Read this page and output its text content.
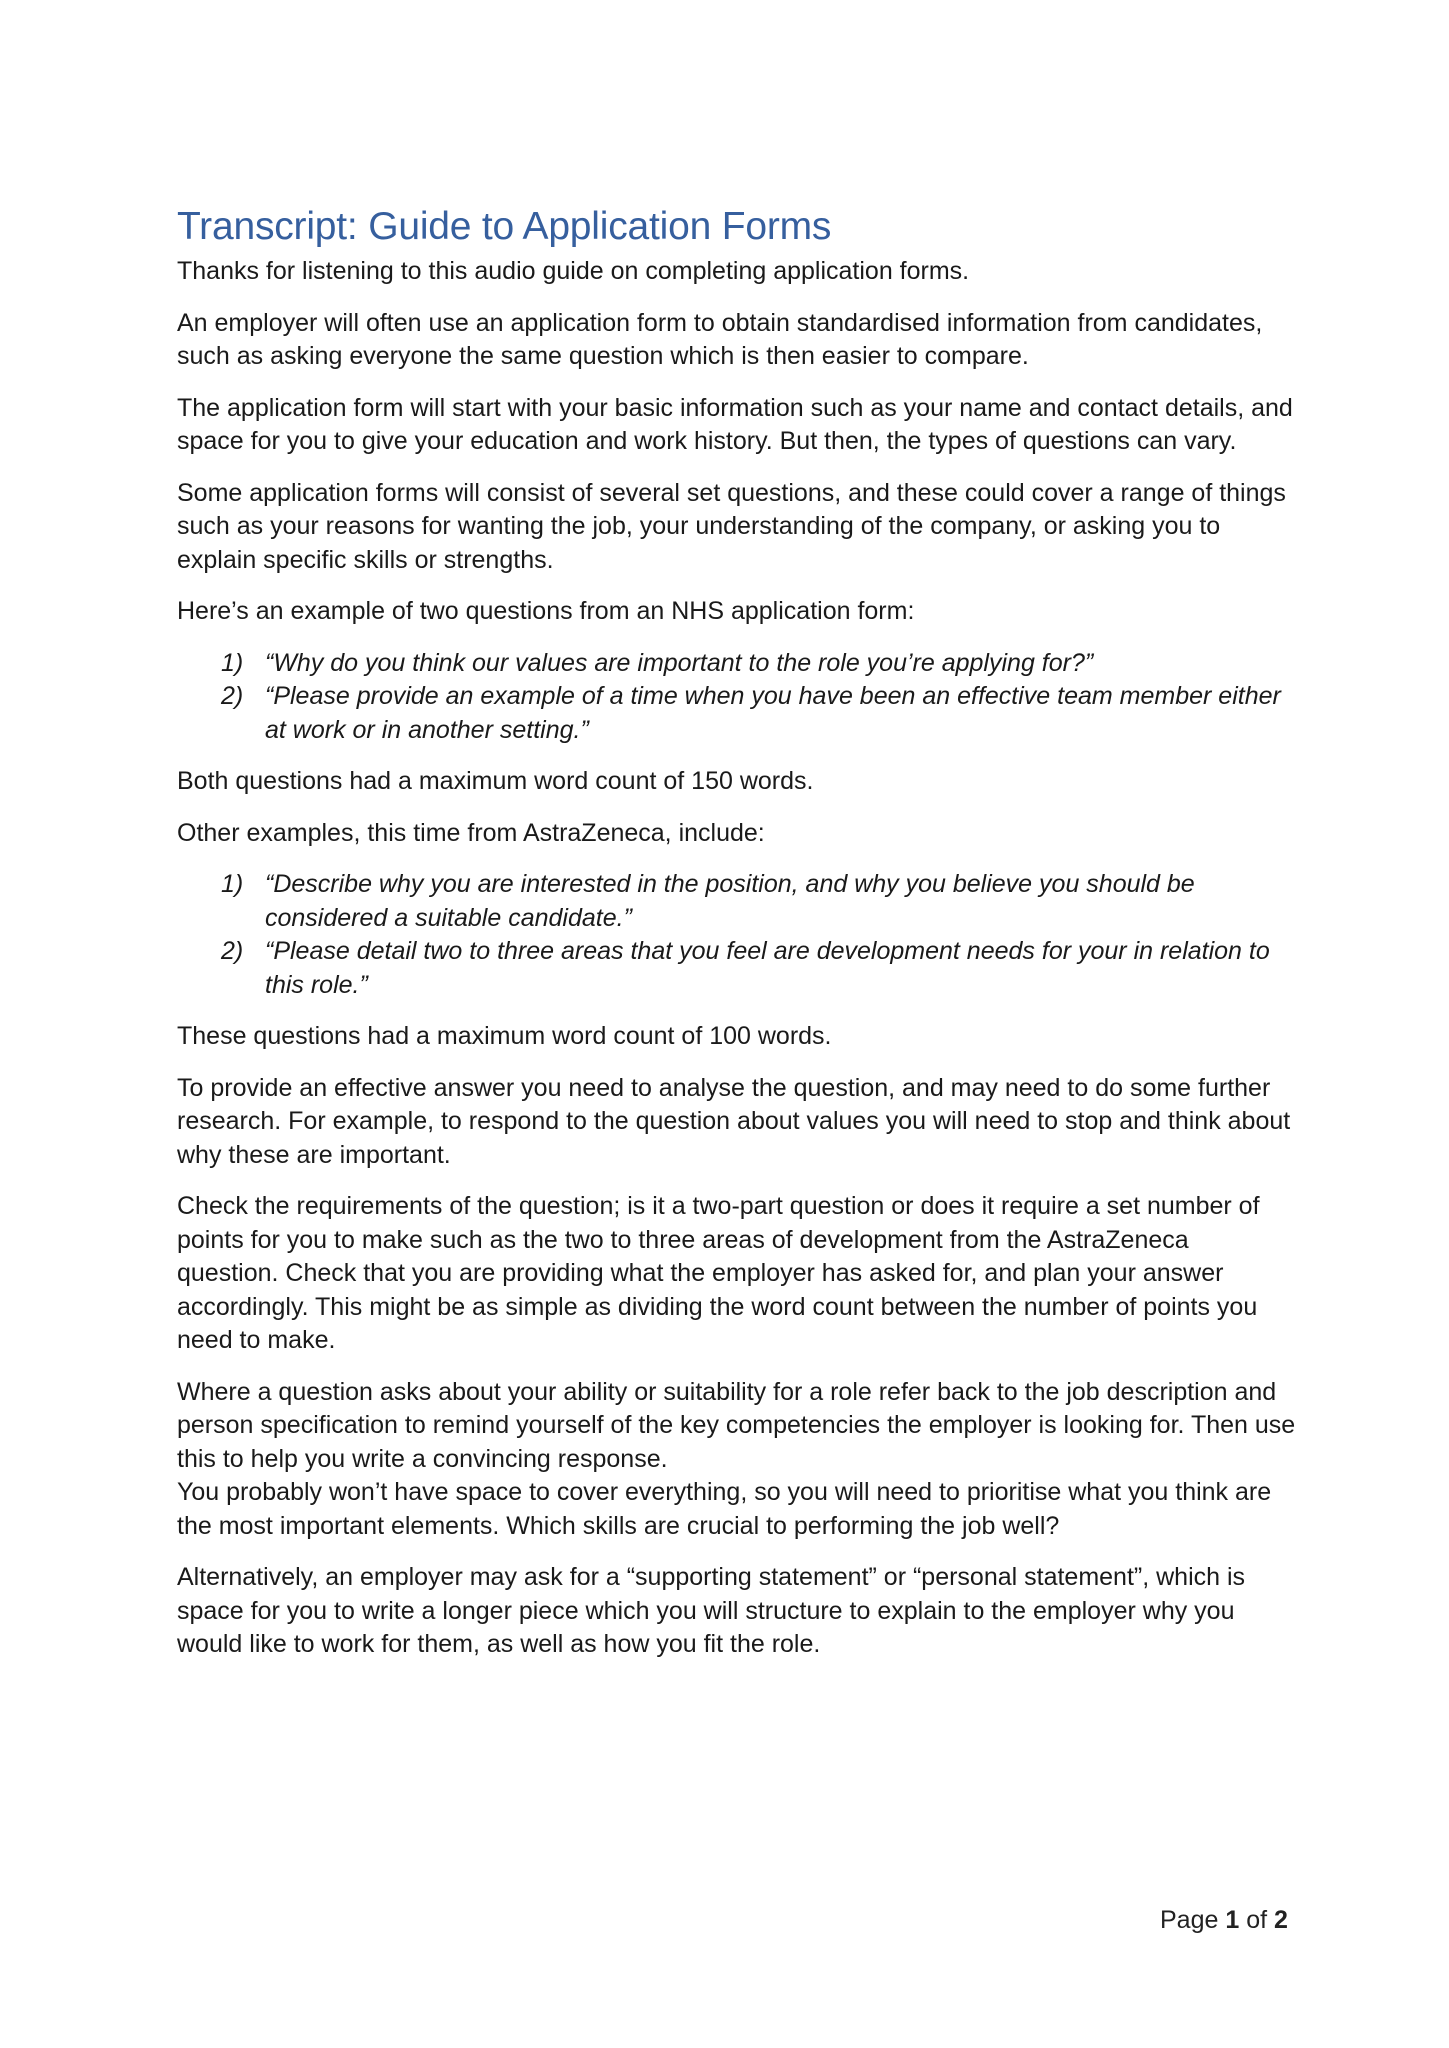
Transcript: Guide to Application Forms

Thanks for listening to this audio guide on completing application forms.

An employer will often use an application form to obtain standardised information from candidates, such as asking everyone the same question which is then easier to compare.

The application form will start with your basic information such as your name and contact details, and space for you to give your education and work history. But then, the types of questions can vary.

Some application forms will consist of several set questions, and these could cover a range of things such as your reasons for wanting the job, your understanding of the company, or asking you to explain specific skills or strengths.

Here’s an example of two questions from an NHS application form:

1) “Why do you think our values are important to the role you’re applying for?”
2) “Please provide an example of a time when you have been an effective team member either at work or in another setting.”

Both questions had a maximum word count of 150 words.

Other examples, this time from AstraZeneca, include:

1) “Describe why you are interested in the position, and why you believe you should be considered a suitable candidate.”
2) “Please detail two to three areas that you feel are development needs for your in relation to this role.”

These questions had a maximum word count of 100 words.

To provide an effective answer you need to analyse the question, and may need to do some further research. For example, to respond to the question about values you will need to stop and think about why these are important.

Check the requirements of the question; is it a two-part question or does it require a set number of points for you to make such as the two to three areas of development from the AstraZeneca question. Check that you are providing what the employer has asked for, and plan your answer accordingly. This might be as simple as dividing the word count between the number of points you need to make.

Where a question asks about your ability or suitability for a role refer back to the job description and person specification to remind yourself of the key competencies the employer is looking for. Then use this to help you write a convincing response.

You probably won’t have space to cover everything, so you will need to prioritise what you think are the most important elements. Which skills are crucial to performing the job well?

Alternatively, an employer may ask for a “supporting statement” or “personal statement”, which is space for you to write a longer piece which you will structure to explain to the employer why you would like to work for them, as well as how you fit the role.

Page 1 of 2
